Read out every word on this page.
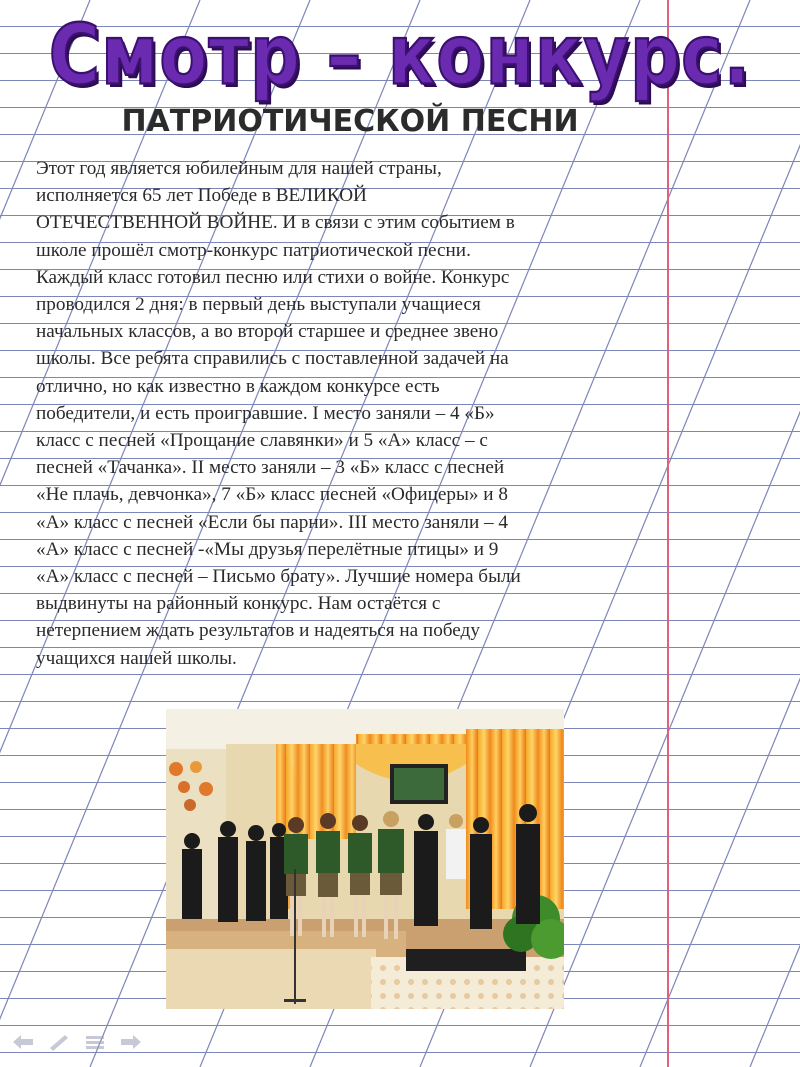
Смотр – конкурс.
ПАТРИОТИЧЕСКОЙ ПЕСНИ
Этот год является юбилейным для нашей страны,
исполняется 65 лет Победе в ВЕЛИКОЙ
ОТЕЧЕСТВЕННОЙ ВОЙНЕ. И в связи с этим событием в
школе прошёл смотр-конкурс патриотической песни.
Каждый класс готовил песню или стихи о войне. Конкурс
проводился 2 дня: в первый день выступали учащиеся
начальных классов, а во второй старшее и среднее звено
школы. Все ребята справились с поставленной задачей на
отлично, но как известно в каждом конкурсе есть
победители, и есть проигравшие. I место заняли – 4 «Б»
класс с песней «Прощание славянки» и 5 «А» класс – с
песней «Тачанка». II место заняли – 3 «Б» класс с песней
«Не плачь, девчонка», 7 «Б» класс песней «Офицеры» и 8
«А» класс с песней «Если бы парни». III место заняли – 4
«А» класс с песней -«Мы друзья перелётные птицы» и 9
«А» класс с песней – Письмо брату». Лучшие номера были
выдвинуты на районный конкурс. Нам остаётся с
нетерпением ждать результатов и надеяться на победу
учащихся нашей школы.
